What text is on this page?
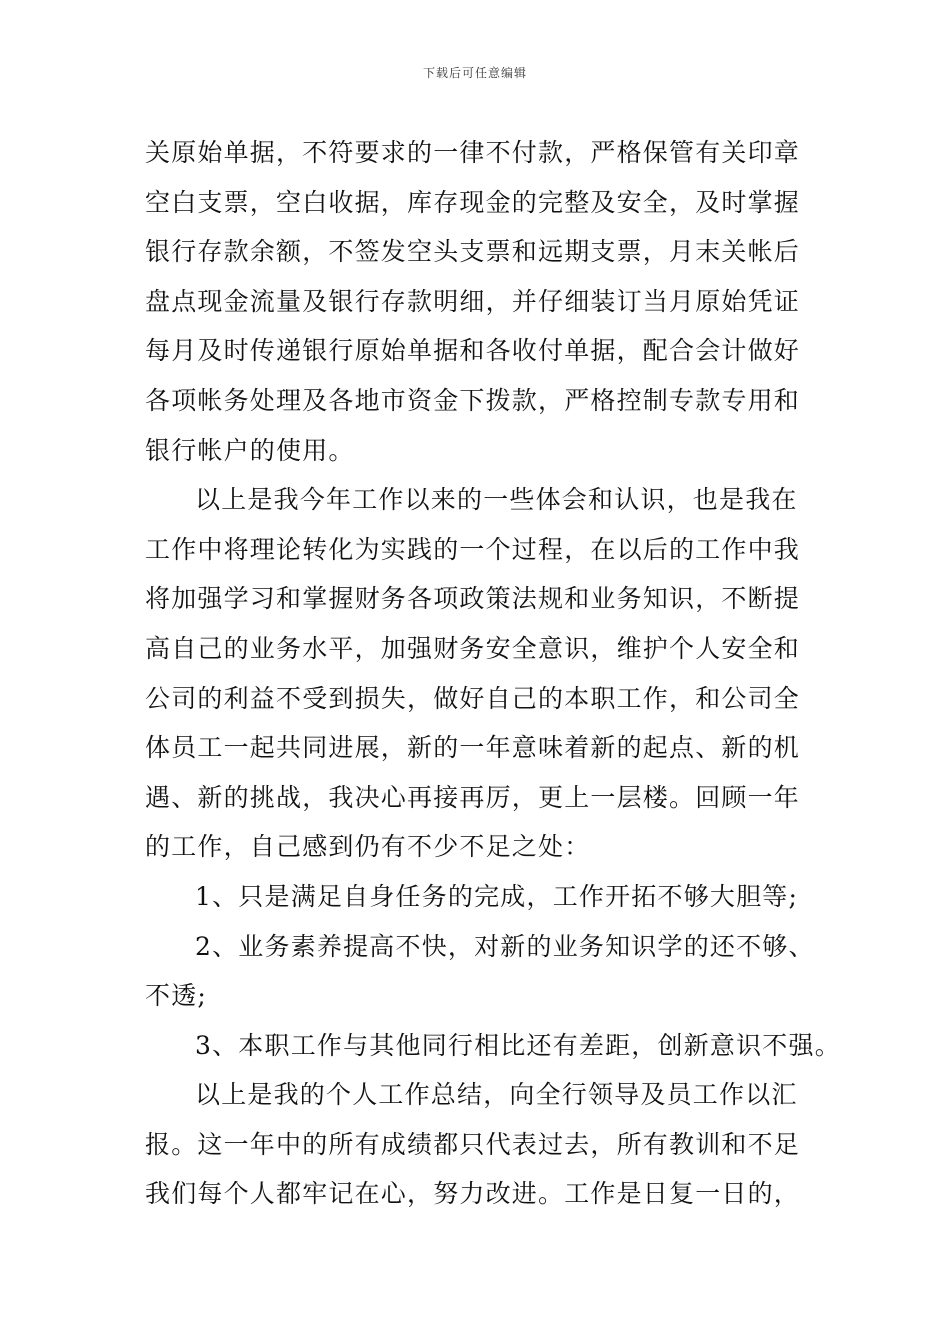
下载后可任意编辑
关原始单据，不符要求的一律不付款，严格保管有关印章
空白支票，空白收据，库存现金的完整及安全，及时掌握
银行存款余额，不签发空头支票和远期支票，月末关帐后
盘点现金流量及银行存款明细，并仔细装订当月原始凭证
每月及时传递银行原始单据和各收付单据，配合会计做好
各项帐务处理及各地市资金下拨款，严格控制专款专用和
银行帐户的使用。
以上是我今年工作以来的一些体会和认识，也是我在
工作中将理论转化为实践的一个过程，在以后的工作中我
将加强学习和掌握财务各项政策法规和业务知识，不断提
高自己的业务水平，加强财务安全意识，维护个人安全和
公司的利益不受到损失，做好自己的本职工作，和公司全
体员工一起共同进展，新的一年意味着新的起点、新的机
遇、新的挑战，我决心再接再厉，更上一层楼。回顾一年
的工作，自己感到仍有不少不足之处：
1、只是满足自身任务的完成，工作开拓不够大胆等;
2、业务素养提高不快，对新的业务知识学的还不够、
不透;
3、本职工作与其他同行相比还有差距，创新意识不强。
以上是我的个人工作总结，向全行领导及员工作以汇
报。这一年中的所有成绩都只代表过去，所有教训和不足
我们每个人都牢记在心，努力改进。工作是日复一日的，
